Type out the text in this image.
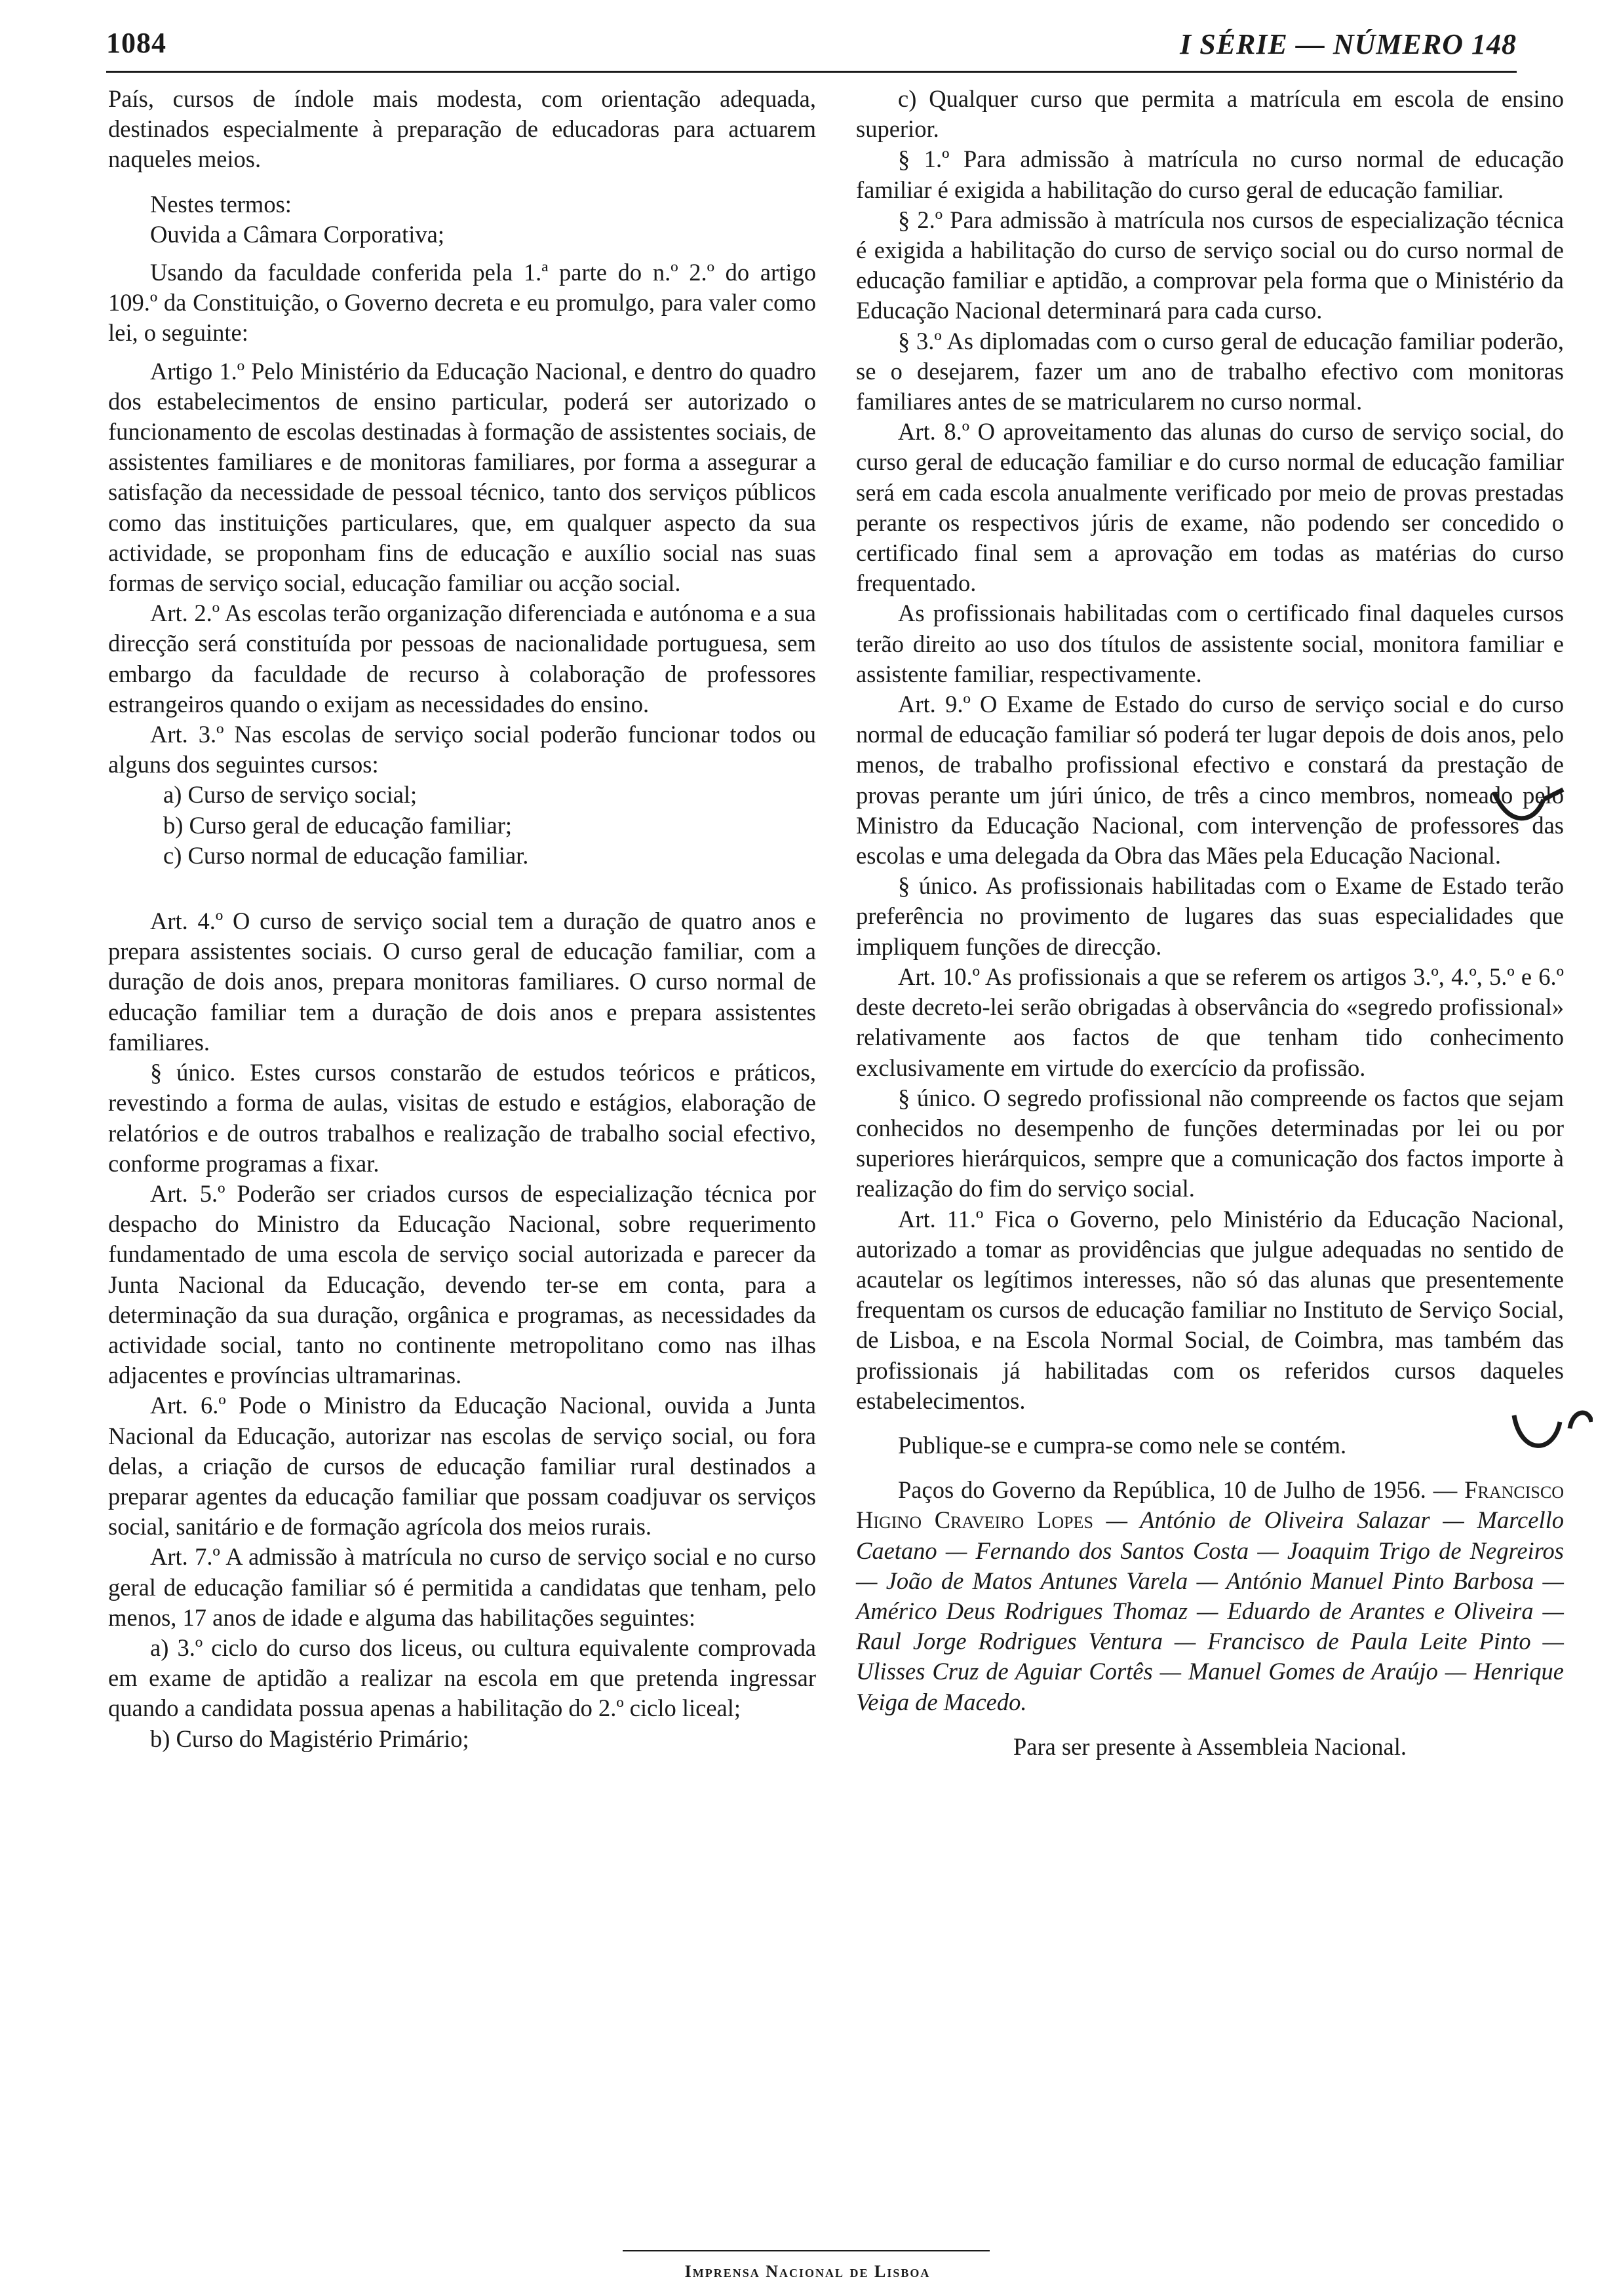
1084	I SÉRIE — NÚMERO 148

País, cursos de índole mais modesta, com orientação adequada, destinados especialmente à preparação de educadoras para actuarem naqueles meios.

Nestes termos:

Ouvida a Câmara Corporativa;

Usando da faculdade conferida pela 1.ª parte do n.º 2.º do artigo 109.º da Constituição, o Governo decreta e eu promulgo, para valer como lei, o seguinte:

Artigo 1.º Pelo Ministério da Educação Nacional, e dentro do quadro dos estabelecimentos de ensino particular, poderá ser autorizado o funcionamento de escolas destinadas à formação de assistentes sociais, de assistentes familiares e de monitoras familiares, por forma a assegurar a satisfação da necessidade de pessoal técnico, tanto dos serviços públicos como das instituições particulares, que, em qualquer aspecto da sua actividade, se proponham fins de educação e auxílio social nas suas formas de serviço social, educação familiar ou acção social.

Art. 2.º As escolas terão organização diferenciada e autónoma e a sua direcção será constituída por pessoas de nacionalidade portuguesa, sem embargo da faculdade de recurso à colaboração de professores estrangeiros quando o exijam as necessidades do ensino.

Art. 3.º Nas escolas de serviço social poderão funcionar todos ou alguns dos seguintes cursos:

a) Curso de serviço social;

b) Curso geral de educação familiar;

c) Curso normal de educação familiar.

Art. 4.º O curso de serviço social tem a duração de quatro anos e prepara assistentes sociais. O curso geral de educação familiar, com a duração de dois anos, prepara monitoras familiares. O curso normal de educação familiar tem a duração de dois anos e prepara assistentes familiares.

§ único. Estes cursos constarão de estudos teóricos e práticos, revestindo a forma de aulas, visitas de estudo e estágios, elaboração de relatórios e de outros trabalhos e realização de trabalho social efectivo, conforme programas a fixar.

Art. 5.º Poderão ser criados cursos de especialização técnica por despacho do Ministro da Educação Nacional, sobre requerimento fundamentado de uma escola de serviço social autorizada e parecer da Junta Nacional da Educação, devendo ter-se em conta, para a determinação da sua duração, orgânica e programas, as necessidades da actividade social, tanto no continente metropolitano como nas ilhas adjacentes e províncias ultramarinas.

Art. 6.º Pode o Ministro da Educação Nacional, ouvida a Junta Nacional da Educação, autorizar nas escolas de serviço social, ou fora delas, a criação de cursos de educação familiar rural destinados a preparar agentes da educação familiar que possam coadjuvar os serviços social, sanitário e de formação agrícola dos meios rurais.

Art. 7.º A admissão à matrícula no curso de serviço social e no curso geral de educação familiar só é permitida a candidatas que tenham, pelo menos, 17 anos de idade e alguma das habilitações seguintes:

a) 3.º ciclo do curso dos liceus, ou cultura equivalente comprovada em exame de aptidão a realizar na escola em que pretenda ingressar quando a candidata possua apenas a habilitação do 2.º ciclo liceal;

b) Curso do Magistério Primário;

c) Qualquer curso que permita a matrícula em escola de ensino superior.

§ 1.º Para admissão à matrícula no curso normal de educação familiar é exigida a habilitação do curso geral de educação familiar.

§ 2.º Para admissão à matrícula nos cursos de especialização técnica é exigida a habilitação do curso de serviço social ou do curso normal de educação familiar e aptidão, a comprovar pela forma que o Ministério da Educação Nacional determinará para cada curso.

§ 3.º As diplomadas com o curso geral de educação familiar poderão, se o desejarem, fazer um ano de trabalho efectivo com monitoras familiares antes de se matricularem no curso normal.

Art. 8.º O aproveitamento das alunas do curso de serviço social, do curso geral de educação familiar e do curso normal de educação familiar será em cada escola anualmente verificado por meio de provas prestadas perante os respectivos júris de exame, não podendo ser concedido o certificado final sem a aprovação em todas as matérias do curso frequentado.

As profissionais habilitadas com o certificado final daqueles cursos terão direito ao uso dos títulos de assistente social, monitora familiar e assistente familiar, respectivamente.

Art. 9.º O Exame de Estado do curso de serviço social e do curso normal de educação familiar só poderá ter lugar depois de dois anos, pelo menos, de trabalho profissional efectivo e constará da prestação de provas perante um júri único, de três a cinco membros, nomeado pelo Ministro da Educação Nacional, com intervenção de professores das escolas e uma delegada da Obra das Mães pela Educação Nacional.

§ único. As profissionais habilitadas com o Exame de Estado terão preferência no provimento de lugares das suas especialidades que impliquem funções de direcção.

Art. 10.º As profissionais a que se referem os artigos 3.º, 4.º, 5.º e 6.º deste decreto-lei serão obrigadas à observância do «segredo profissional» relativamente aos factos de que tenham tido conhecimento exclusivamente em virtude do exercício da profissão.

§ único. O segredo profissional não compreende os factos que sejam conhecidos no desempenho de funções determinadas por lei ou por superiores hierárquicos, sempre que a comunicação dos factos importe à realização do fim do serviço social.

Art. 11.º Fica o Governo, pelo Ministério da Educação Nacional, autorizado a tomar as providências que julgue adequadas no sentido de acautelar os legítimos interesses, não só das alunas que presentemente frequentam os cursos de educação familiar no Instituto de Serviço Social, de Lisboa, e na Escola Normal Social, de Coimbra, mas também das profissionais já habilitadas com os referidos cursos daqueles estabelecimentos.

Publique-se e cumpra-se como nele se contém.

Paços do Governo da República, 10 de Julho de 1956. — Francisco Higino Craveiro Lopes — António de Oliveira Salazar — Marcello Caetano — Fernando dos Santos Costa — Joaquim Trigo de Negreiros — João de Matos Antunes Varela — António Manuel Pinto Barbosa — Américo Deus Rodrigues Thomaz — Eduardo de Arantes e Oliveira — Raul Jorge Rodrigues Ventura — Francisco de Paula Leite Pinto — Ulisses Cruz de Aguiar Cortês — Manuel Gomes de Araújo — Henrique Veiga de Macedo.

Para ser presente à Assembleia Nacional.

Imprensa Nacional de Lisboa
